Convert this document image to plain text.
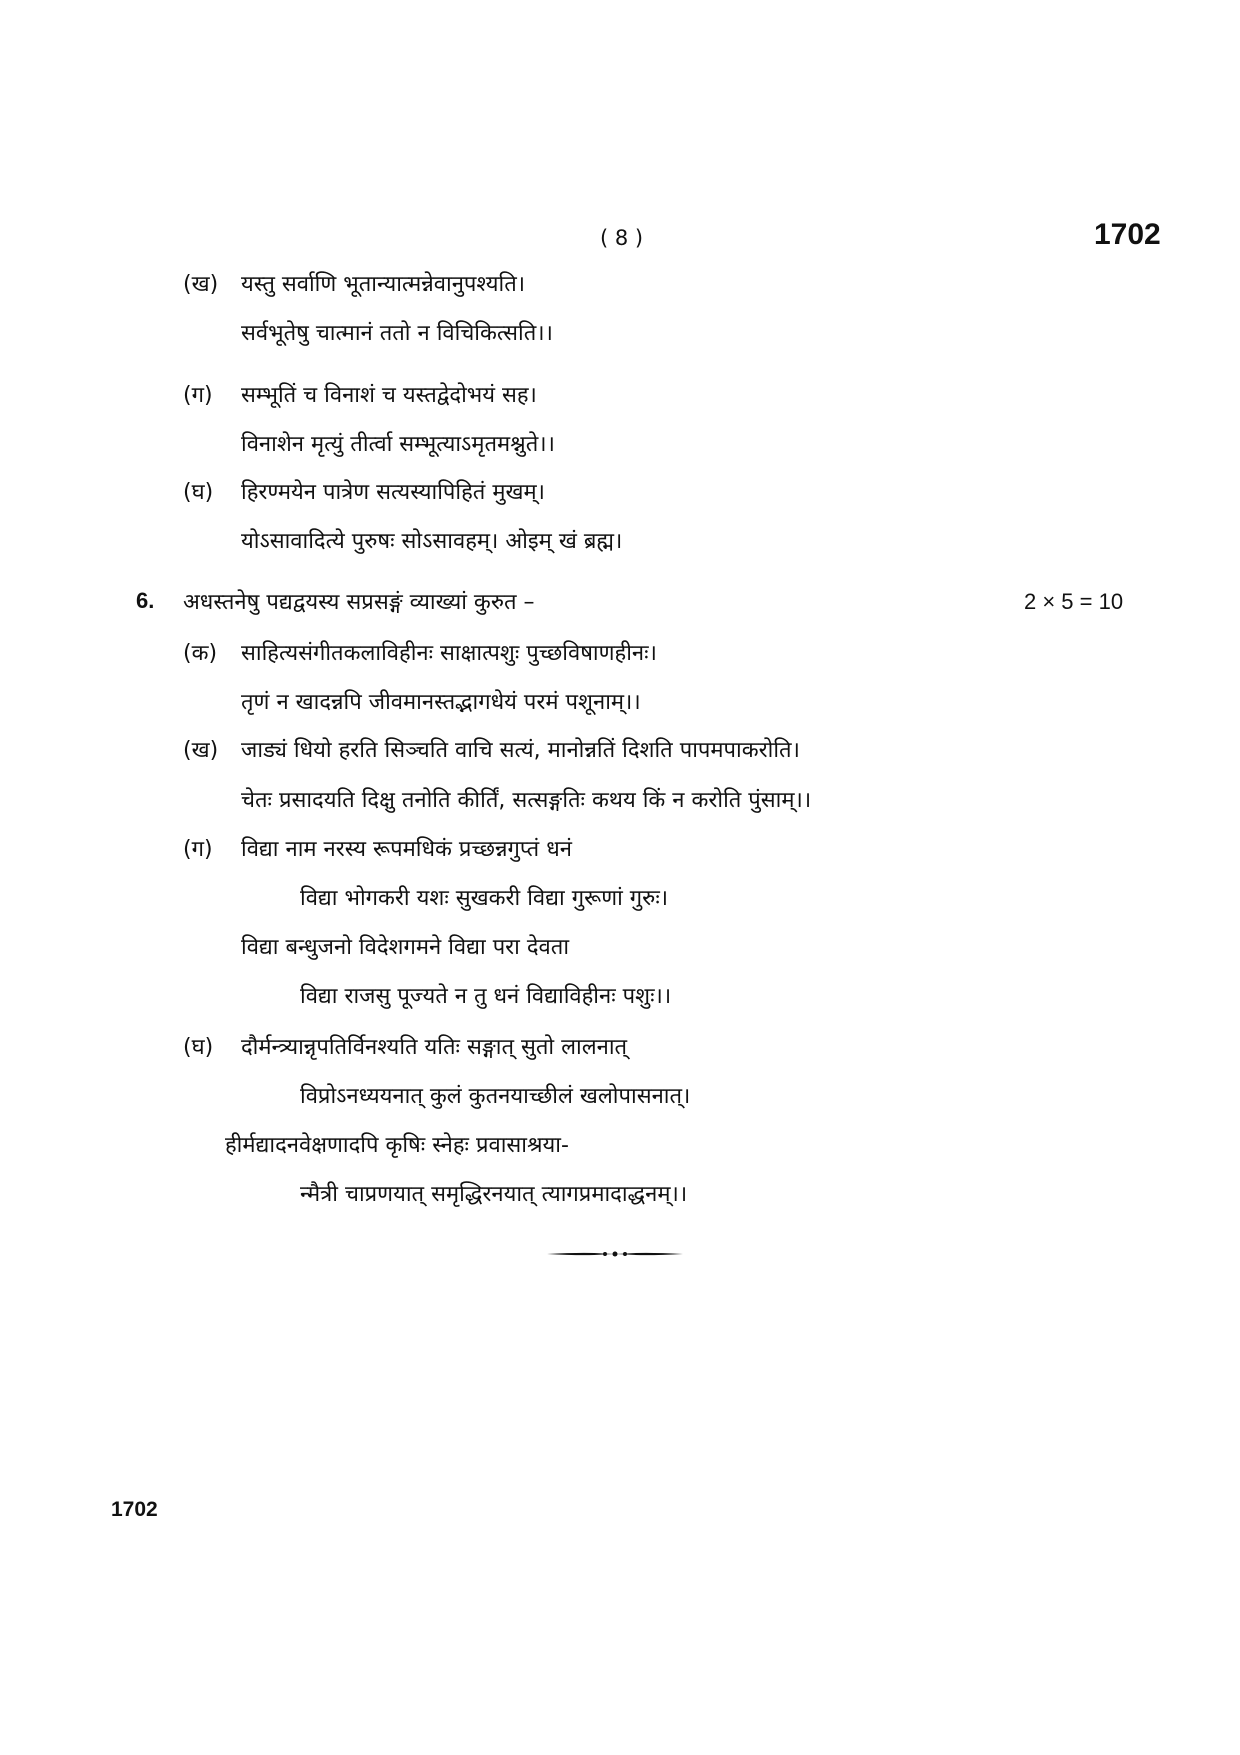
( 8 )	1702
(ख) यस्तु सर्वाणि भूतान्यात्मन्नेवानुपश्यति।
सर्वभूतेषु चात्मानं ततो न विचिकित्सति।।
(ग) सम्भूतिं च विनाशं च यस्तद्वेदोभयं सह।
विनाशेन मृत्युं तीर्त्वा सम्भूत्याऽमृतमश्नुते।।
(घ) हिरण्मयेन पात्रेण सत्यस्यापिहितं मुखम्।
योऽसावादित्ये पुरुषः सोऽसावहम्। ओइम् खं ब्रह्म।
6. अधस्तनेषु पद्यद्वयस्य सप्रसङ्गं व्याख्यां कुरुत –	2 × 5 = 10
(क) साहित्यसंगीतकलाविहीनः साक्षात्पशुः पुच्छविषाणहीनः।
तृणं न खादन्नपि जीवमानस्तद्भागधेयं परमं पशूनाम्।।
(ख) जाड्यं धियो हरति सिञ्चति वाचि सत्यं, मानोन्नतिं दिशति पापमपाकरोति।
चेतः प्रसादयति दिक्षु तनोति कीर्तिं, सत्सङ्गतिः कथय किं न करोति पुंसाम्।।
(ग) विद्या नाम नरस्य रूपमधिकं प्रच्छन्नगुप्तं धनं
विद्या भोगकरी यशः सुखकरी विद्या गुरूणां गुरुः।
विद्या बन्धुजनो विदेशगमने विद्या परा देवता
विद्या राजसु पूज्यते न तु धनं विद्याविहीनः पशुः।।
(घ) दौर्मन्त्र्यान्नृपतिर्विनश्यति यतिः सङ्गात् सुतो लालनात्
विप्रोऽनध्ययनात् कुलं कुतनयाच्छीलं खलोपासनात्।
हीर्मद्यादनवेक्षणादपि कृषिः स्नेहः प्रवासाश्रया-
न्मैत्री चाप्रणयात् समृद्धिरनयात् त्यागप्रमादाद्धनम्।।
1702
